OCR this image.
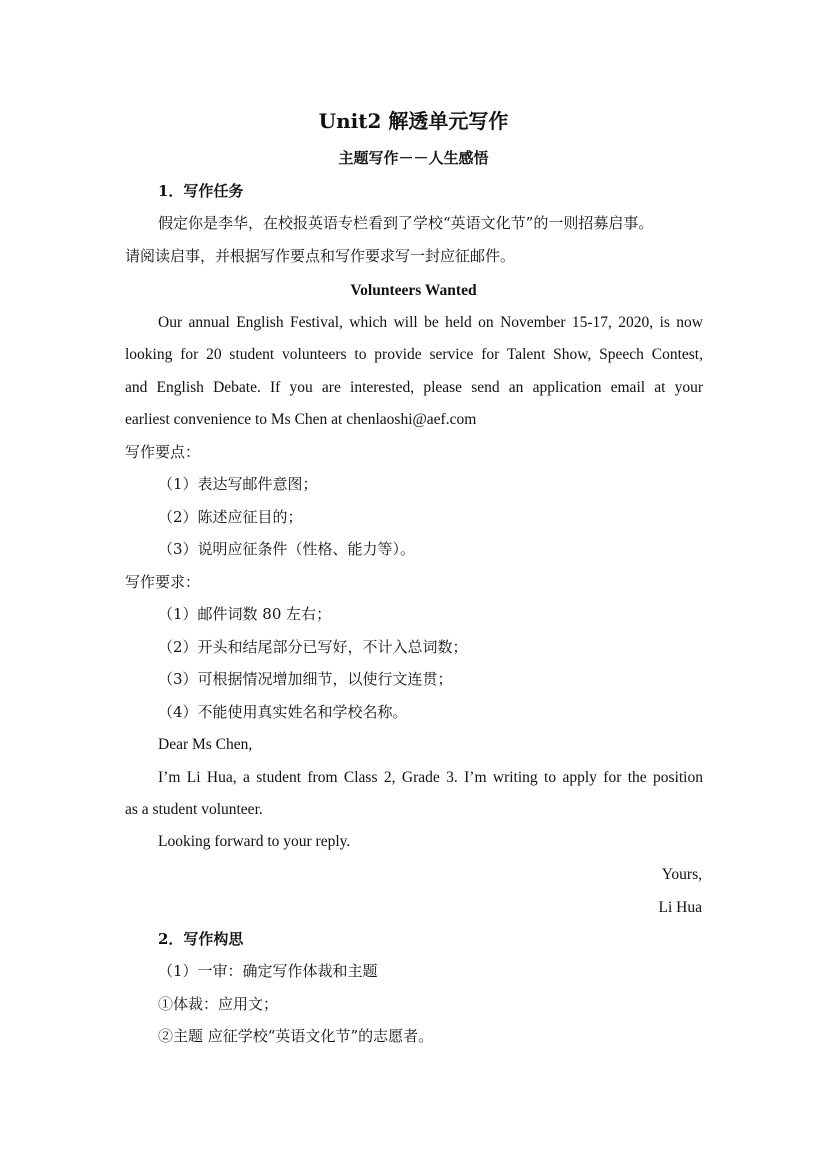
Unit2 解透单元写作
主题写作－－人生感悟
1．写作任务
假定你是李华，在校报英语专栏看到了学校“英语文化节”的一则招募启事。
请阅读启事，并根据写作要点和写作要求写一封应征邮件。
Volunteers Wanted
Our annual English Festival, which will be held on November 15-17, 2020, is now
looking for 20 student volunteers to provide service for Talent Show, Speech Contest,
and English Debate. If you are interested, please send an application email at your
earliest convenience to Ms Chen at chenlaoshi@aef.com
写作要点：
（1）表达写邮件意图；
（2）陈述应征目的；
（3）说明应征条件（性格、能力等）。
写作要求：
（1）邮件词数 80 左右；
（2）开头和结尾部分已写好，不计入总词数；
（3）可根据情况增加细节，以使行文连贯；
（4）不能使用真实姓名和学校名称。
Dear Ms Chen,
I’m Li Hua, a student from Class 2, Grade 3. I’m writing to apply for the position
as a student volunteer.
Looking forward to your reply.
Yours,
Li Hua
2．写作构思
（1）一审：确定写作体裁和主题
①体裁：应用文；
②主题 应征学校“英语文化节”的志愿者。
